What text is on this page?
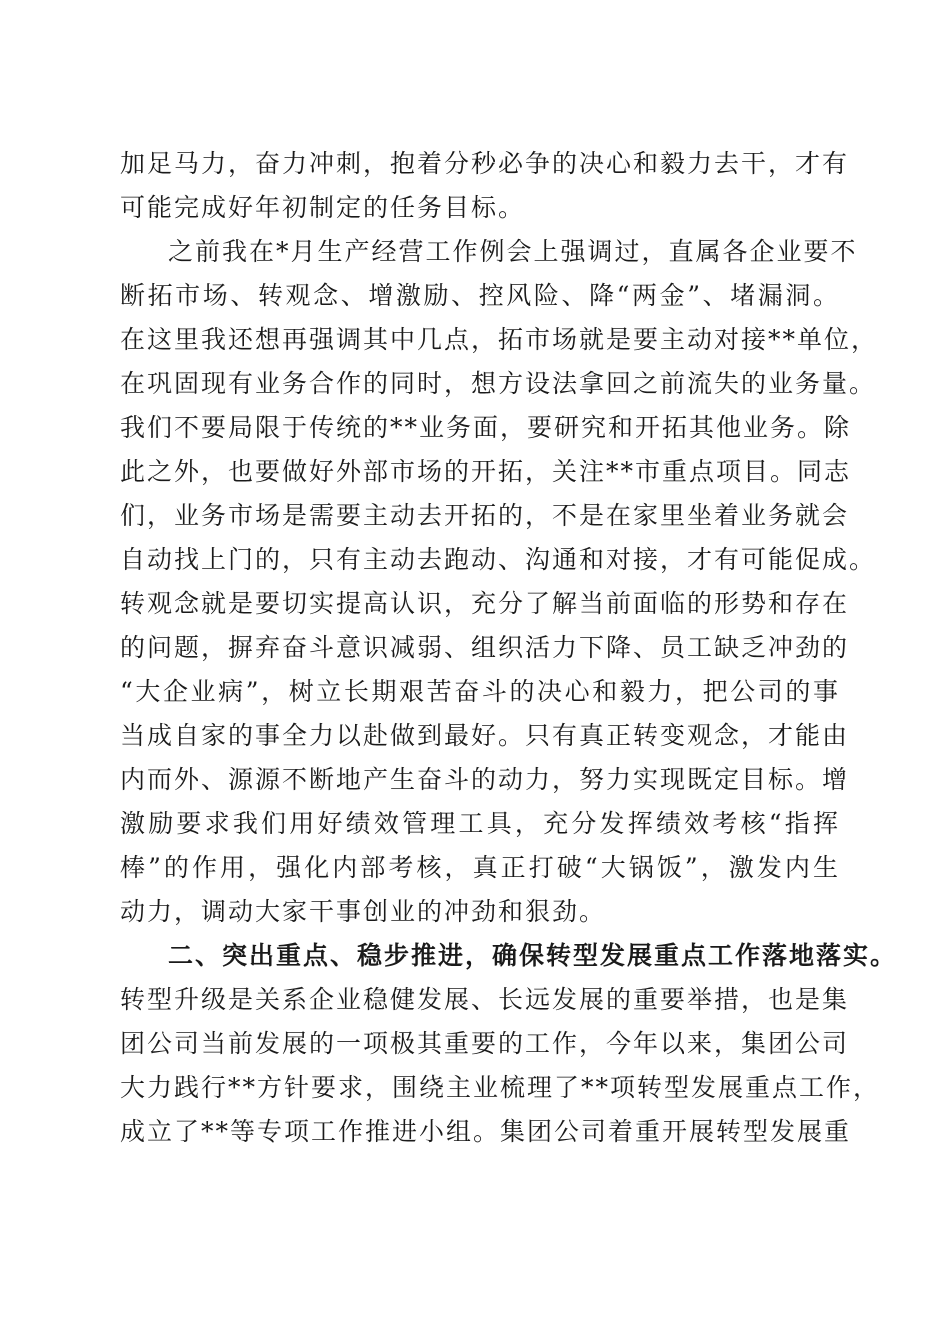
加足马力，奋力冲刺，抱着分秒必争的决心和毅力去干，才有
可能完成好年初制定的任务目标。
之前我在*月生产经营工作例会上强调过，直属各企业要不
断拓市场、转观念、增激励、控风险、降“两金”、堵漏洞。
在这里我还想再强调其中几点，拓市场就是要主动对接**单位，
在巩固现有业务合作的同时，想方设法拿回之前流失的业务量。
我们不要局限于传统的**业务面，要研究和开拓其他业务。除
此之外，也要做好外部市场的开拓，关注**市重点项目。同志
们，业务市场是需要主动去开拓的，不是在家里坐着业务就会
自动找上门的，只有主动去跑动、沟通和对接，才有可能促成。
转观念就是要切实提高认识，充分了解当前面临的形势和存在
的问题，摒弃奋斗意识减弱、组织活力下降、员工缺乏冲劲的
“大企业病”，树立长期艰苦奋斗的决心和毅力，把公司的事
当成自家的事全力以赴做到最好。只有真正转变观念，才能由
内而外、源源不断地产生奋斗的动力，努力实现既定目标。增
激励要求我们用好绩效管理工具，充分发挥绩效考核“指挥
棒”的作用，强化内部考核，真正打破“大锅饭”，激发内生
动力，调动大家干事创业的冲劲和狠劲。
二、突出重点、稳步推进，确保转型发展重点工作落地落实。
转型升级是关系企业稳健发展、长远发展的重要举措，也是集
团公司当前发展的一项极其重要的工作，今年以来，集团公司
大力践行**方针要求，围绕主业梳理了**项转型发展重点工作，
成立了**等专项工作推进小组。集团公司着重开展转型发展重
